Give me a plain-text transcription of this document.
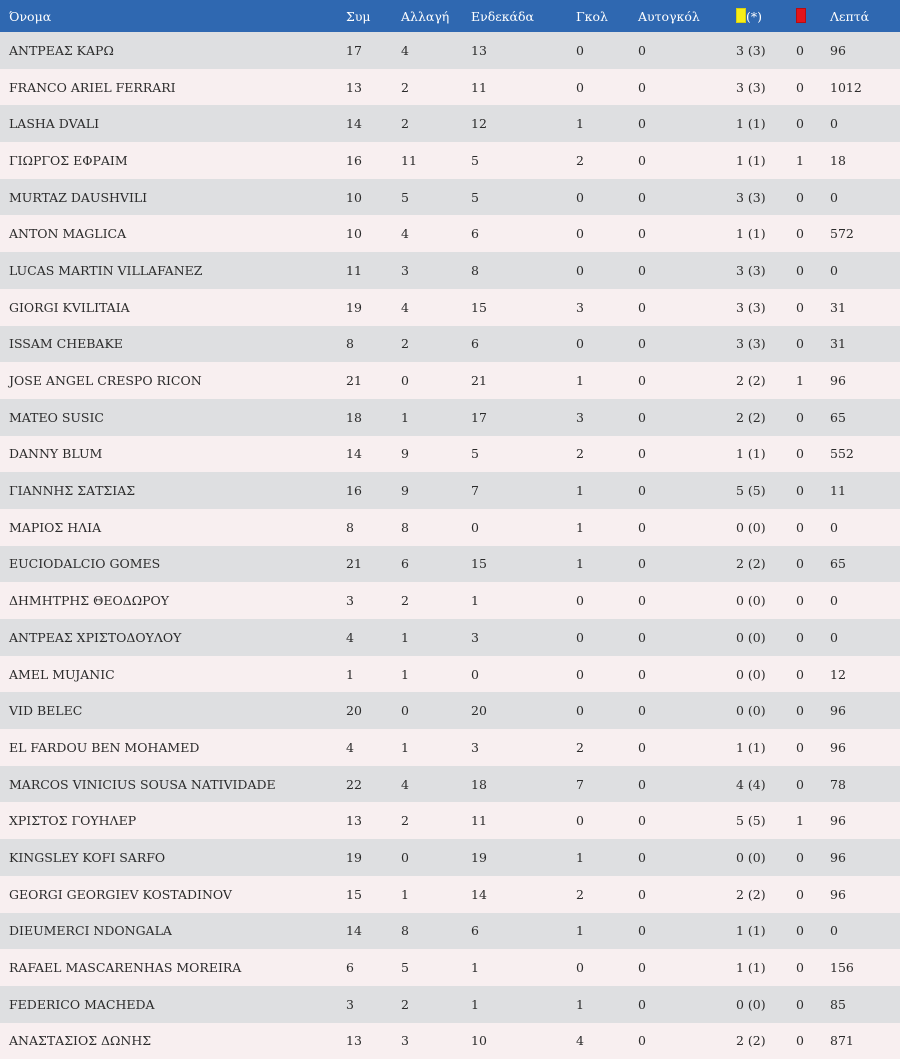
Όνομα	Συμ	Αλλαγή	Ενδεκάδα	Γκολ	Αυτογκόλ	(*)		Λεπτά
ΑΝΤΡΕΑΣ ΚΑΡΩ	17	4	13	0	0	3 (3)	0	96
FRANCO ARIEL FERRARI	13	2	11	0	0	3 (3)	0	1012
LASHA DVALI	14	2	12	1	0	1 (1)	0	0
ΓΙΩΡΓΟΣ ΕΦΡΑΙΜ	16	11	5	2	0	1 (1)	1	18
MURTAZ DAUSHVILI	10	5	5	0	0	3 (3)	0	0
ANTON MAGLICA	10	4	6	0	0	1 (1)	0	572
LUCAS MARTIN VILLAFANEZ	11	3	8	0	0	3 (3)	0	0
GIORGI KVILITAIA	19	4	15	3	0	3 (3)	0	31
ISSAM CHEBAKE	8	2	6	0	0	3 (3)	0	31
JOSE ANGEL CRESPO RICON	21	0	21	1	0	2 (2)	1	96
MATEO SUSIC	18	1	17	3	0	2 (2)	0	65
DANNY BLUM	14	9	5	2	0	1 (1)	0	552
ΓΙΑΝΝΗΣ ΣΑΤΣΙΑΣ	16	9	7	1	0	5 (5)	0	11
ΜΑΡΙΟΣ ΗΛΙΑ	8	8	0	1	0	0 (0)	0	0
EUCIODALCIO GOMES	21	6	15	1	0	2 (2)	0	65
ΔΗΜΗΤΡΗΣ ΘΕΟΔΩΡΟΥ	3	2	1	0	0	0 (0)	0	0
ΑΝΤΡΕΑΣ ΧΡΙΣΤΟΔΟΥΛΟΥ	4	1	3	0	0	0 (0)	0	0
AMEL MUJANIC	1	1	0	0	0	0 (0)	0	12
VID BELEC	20	0	20	0	0	0 (0)	0	96
EL FARDOU BEN MOHAMED	4	1	3	2	0	1 (1)	0	96
MARCOS VINICIUS SOUSA NATIVIDADE	22	4	18	7	0	4 (4)	0	78
ΧΡΙΣΤΟΣ ΓΟΥΗΛΕΡ	13	2	11	0	0	5 (5)	1	96
KINGSLEY KOFI SARFO	19	0	19	1	0	0 (0)	0	96
GEORGI GEORGIEV KOSTADINOV	15	1	14	2	0	2 (2)	0	96
DIEUMERCI NDONGALA	14	8	6	1	0	1 (1)	0	0
RAFAEL MASCARENHAS MOREIRA	6	5	1	0	0	1 (1)	0	156
FEDERICO MACHEDA	3	2	1	1	0	0 (0)	0	85
ΑΝΑΣΤΑΣΙΟΣ ΔΩΝΗΣ	13	3	10	4	0	2 (2)	0	871
